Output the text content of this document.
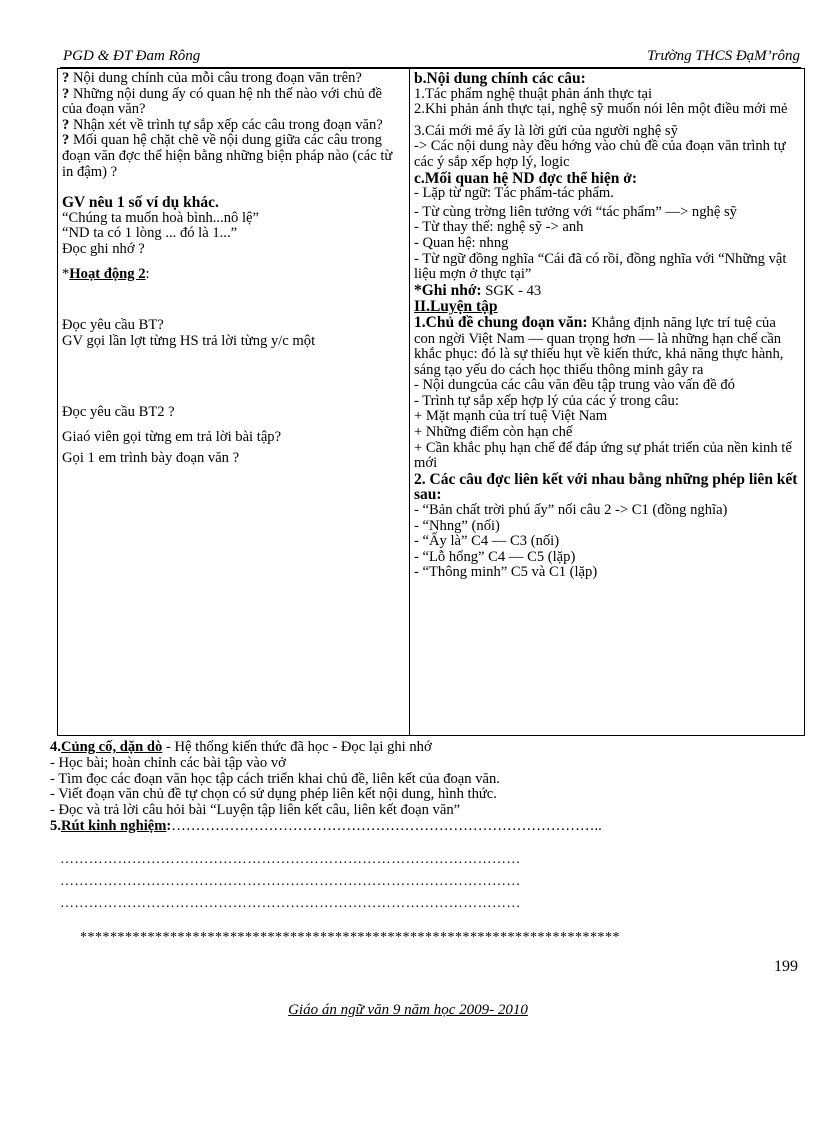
PGD & ĐT Đam Rông	Trường THCS ĐạM’rông

? Nội dung chính của mỗi câu trong đoạn văn trên?

? Những nội dung ấy có quan hệ nh thế nào với chủ đề của đoạn văn?

? Nhận xét về trình tự sắp xếp các câu trong đoạn văn?

? Mối quan hệ chặt chẽ về nội dung giữa các câu trong đoạn văn đợc thể hiện bằng những biện pháp nào (các từ in đậm) ?

GV nêu 1 số ví dụ khác.

“Chúng ta muốn hoà bình...nô lệ”

“ND ta có 1 lòng ... đó là 1...”

Đọc ghi nhớ ?

*Hoạt động 2:

Đọc yêu cầu BT?

GV gọi lần lợt từng HS trả lời từng y/c một

Đọc yêu cầu BT2 ?

Giaó viên gọi từng em trả lời bài tập?

Gọi 1 em trình bày đoạn văn ?

b.Nội dung chính các câu:

1.Tác phẩm nghệ thuật phản ánh thực tại

2.Khi phản ánh thực tại, nghệ sỹ muốn nói lên một điều mới mẻ

3.Cái mới mẻ ấy là lời gửi của người nghệ sỹ

-> Các nội dung này đều hớng vào chủ đề của đoạn văn trình tự các ý sắp xếp hợp lý, logic

c.Mối quan hệ ND đợc thể hiện ở:

- Lặp từ ngữ: Tác phẩm-tác phẩm.

- Từ cùng trờng liên tưởng với “tác phẩm” —> nghệ sỹ

- Từ thay thế: nghệ sỹ -> anh

- Quan hệ: nhng

- Từ ngữ đồng nghĩa “Cái đã có rồi, đồng nghĩa với “Những vật liệu mợn ở thực tại”

*Ghi nhớ: SGK - 43

II.Luyện tập

1.Chủ đề chung đoạn văn: Khẳng định năng lực trí tuệ của con ngời Việt Nam — quan trọng hơn — là những hạn chế cần khắc phục: đó là sự thiếu hụt về kiến thức, khả năng thực hành, sáng tạo yếu do cách học thiếu thông minh gây ra

- Nội dungcủa các câu văn đều tập trung vào vấn đề đó

- Trình tự sắp xếp hợp lý của các ý trong câu:

+ Mặt mạnh của trí tuệ Việt Nam

+ Những điểm còn hạn chế

+ Cần khắc phụ hạn chế để đáp ứng sự phát triển của nền kinh tế mới

2. Các câu đợc liên kết với nhau bằng những phép liên kết sau:

- “Bản chất trời phú ấy” nối câu 2 -> C1 (đồng nghĩa)

- “Nhng” (nối)

- “Ấy là” C4 — C3 (nối)

- “Lỗ hổng” C4 — C5 (lặp)

- “Thông minh” C5 và C1 (lặp)

4.Củng cố, dặn dò - Hệ thống kiến thức đã học - Đọc lại ghi nhớ

- Học bài; hoàn chỉnh các bài tập vào vở

- Tìm đọc các đoạn văn học tập cách triển khai chủ đề, liên kết của đoạn văn.

- Viết đoạn văn chủ đề tự chọn có sử dụng phép liên kết nội dung, hình thức.

- Đọc và trả lời câu hỏi bài “Luyện tập liên kết câu, liên kết đoạn văn”

5.Rút kinh nghiệm:……………………………………………………………………………..

……………………………………………………………………………………
……………………………………………………………………………………
……………………………………………………………………………………
************************************************************************
199
Giáo án ngữ văn 9 năm học 2009- 2010
